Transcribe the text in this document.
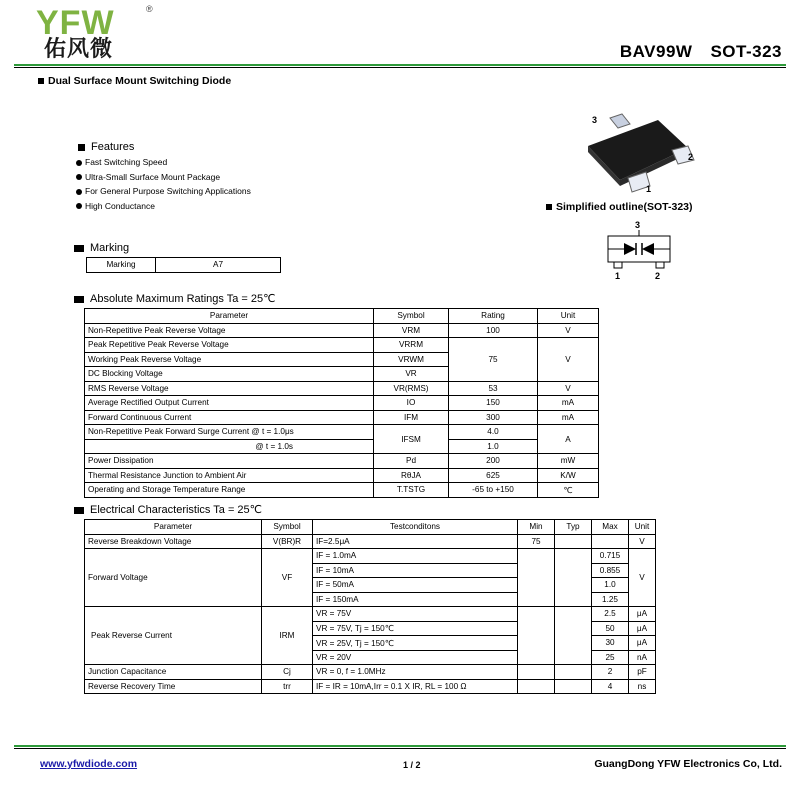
YFW	®
佑风微	BAV99W SOT-323
Dual Surface Mount Switching Diode
Features
Fast Switching Speed
Ultra-Small Surface Mount Package
For General Purpose Switching Applications
High Conductance
3
2
1
Simplified outline(SOT-323)
3
1	2
Marking
Marking	A7
Absolute Maximum Ratings Ta = 25℃
Parameter	Symbol	Rating	Unit
Non-Repetitive Peak Reverse Voltage	VRM	100	V
Peak Repetitive Peak Reverse Voltage	VRRM	75	V
Working Peak Reverse Voltage	VRWM		
DC Blocking Voltage	VR		
RMS Reverse Voltage	VR(RMS)	53	V
Average Rectified Output Current	IO	150	mA
Forward Continuous Current	IFM	300	mA
Non-Repetitive Peak Forward Surge Current @ t = 1.0μs	IFSM	4.0	A
@ t = 1.0s		1.0	
Power Dissipation	Pd	200	mW
Thermal Resistance Junction to Ambient Air	RθJA	625	K/W
Operating and Storage Temperature Range	T.TSTG	-65 to +150	℃
Electrical Characteristics Ta = 25℃
Parameter	Symbol	Testconditons	Min	Typ	Max	Unit
Reverse Breakdown Voltage	V(BR)R	IF=2.5μA	75			V
Forward Voltage	VF	IF = 1.0mA			0.715	V
		IF = 10mA			0.855	
		IF = 50mA			1.0	
		IF = 150mA			1.25	
Peak Reverse Current	IRM	VR = 75V			2.5	μA
		VR = 75V, Tj = 150℃			50	μA
		VR = 25V, Tj = 150℃			30	μA
		VR = 20V			25	nA
Junction Capacitance	Cj	VR = 0, f = 1.0MHz			2	pF
Reverse Recovery Time	trr	IF = IR = 10mA,Irr = 0.1 X IR, RL = 100 Ω			4	ns
www.yfwdiode.com	1 / 2	GuangDong YFW Electronics Co, Ltd.
